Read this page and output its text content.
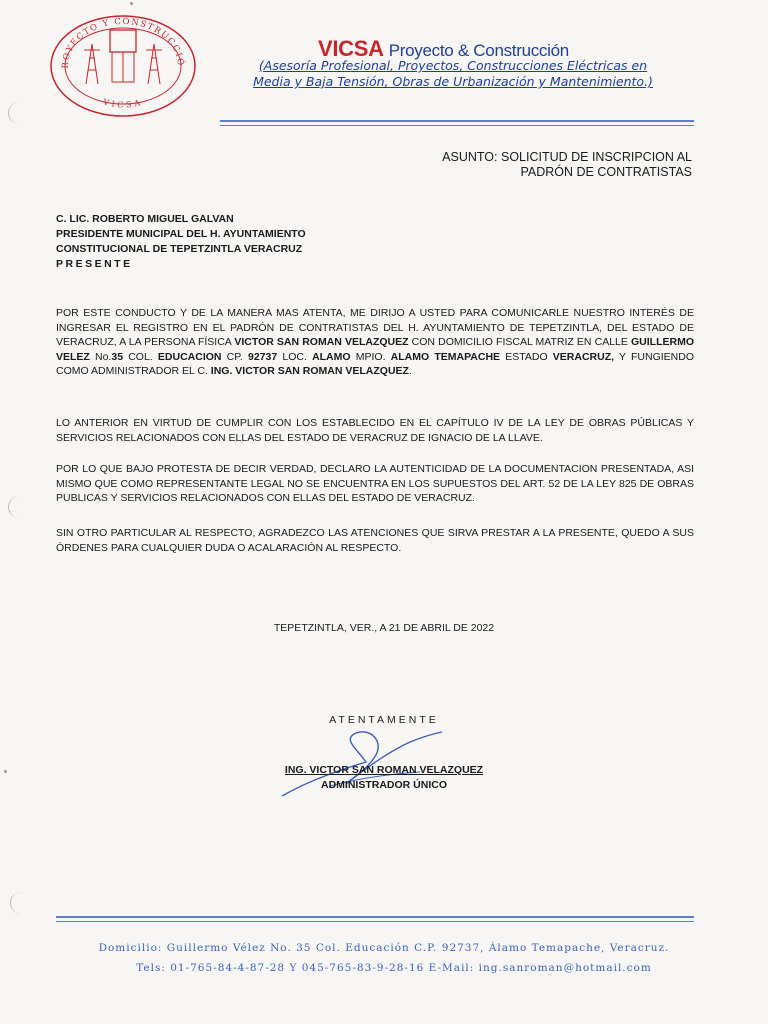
ROYECTO Y CONSTRUCCIÓ
VICSA
VICSA Proyecto & Construcción
(Asesoría Profesional, Proyectos, Construcciones Eléctricas en
Media y Baja Tensión, Obras de Urbanización y Mantenimiento.)
ASUNTO: SOLICITUD DE INSCRIPCION AL
PADRÓN DE CONTRATISTAS
C. LIC. ROBERTO MIGUEL GALVAN
PRESIDENTE MUNICIPAL DEL H. AYUNTAMIENTO
CONSTITUCIONAL DE TEPETZINTLA VERACRUZ
PRESENTE
POR ESTE CONDUCTO Y DE LA MANERA MAS ATENTA, ME DIRIJO A USTED PARA COMUNICARLE NUESTRO INTERÉS DE INGRESAR EL REGISTRO EN EL PADRÓN DE CONTRATISTAS DEL H. AYUNTAMIENTO DE TEPETZINTLA, DEL ESTADO DE VERACRUZ, A LA PERSONA FÍSICA VICTOR SAN ROMAN VELAZQUEZ CON DOMICILIO FISCAL MATRIZ EN CALLE GUILLERMO VELEZ No.35 COL. EDUCACION CP. 92737 LOC. ALAMO MPIO. ALAMO TEMAPACHE ESTADO VERACRUZ, Y FUNGIENDO COMO ADMINISTRADOR EL C. ING. VICTOR SAN ROMAN VELAZQUEZ.
LO ANTERIOR EN VIRTUD DE CUMPLIR CON LOS ESTABLECIDO EN EL CAPÍTULO IV DE LA LEY DE OBRAS PÚBLICAS Y SERVICIOS RELACIONADOS CON ELLAS DEL ESTADO DE VERACRUZ DE IGNACIO DE LA LLAVE.
POR LO QUE BAJO PROTESTA DE DECIR VERDAD, DECLARO LA AUTENTICIDAD DE LA DOCUMENTACION PRESENTADA, ASI MISMO QUE COMO REPRESENTANTE LEGAL NO SE ENCUENTRA EN LOS SUPUESTOS DEL ART. 52 DE LA LEY 825 DE OBRAS PUBLICAS Y SERVICIOS RELACIONADOS CON ELLAS DEL ESTADO DE VERACRUZ.
SIN OTRO PARTICULAR AL RESPECTO, AGRADEZCO LAS ATENCIONES QUE SIRVA PRESTAR A LA PRESENTE, QUEDO A SUS ÓRDENES PARA CUALQUIER DUDA O ACALARACIÓN AL RESPECTO.
TEPETZINTLA, VER., A 21 DE ABRIL DE 2022
ATENTAMENTE
ING. VICTOR SAN ROMAN VELAZQUEZ
ADMINISTRADOR ÚNICO
Domicilio: Guillermo Vélez No. 35 Col. Educación C.P. 92737, Álamo Temapache, Veracruz.
Tels: 01-765-84-4-87-28 Y 045-765-83-9-28-16 E-Mail: ing.sanroman@hotmail.com
